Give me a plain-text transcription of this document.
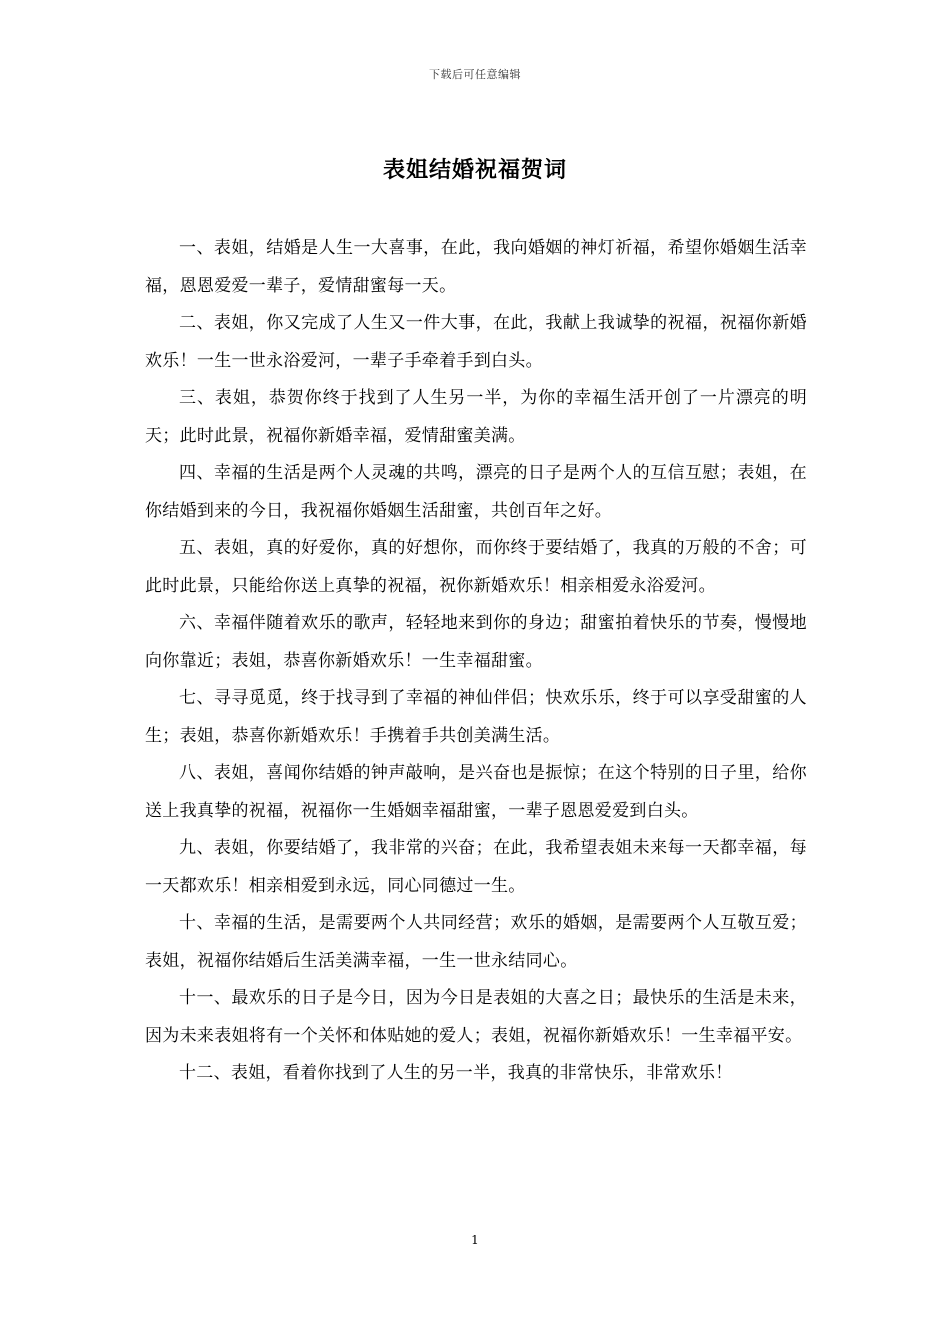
下载后可任意编辑
表姐结婚祝福贺词

一、表姐，结婚是人生一大喜事，在此，我向婚姻的神灯祈福，希望你婚姻生活幸福，恩恩爱爱一辈子，爱情甜蜜每一天。

二、表姐，你又完成了人生又一件大事，在此，我献上我诚挚的祝福，祝福你新婚欢乐！一生一世永浴爱河，一辈子手牵着手到白头。

三、表姐，恭贺你终于找到了人生另一半，为你的幸福生活开创了一片漂亮的明天；此时此景，祝福你新婚幸福，爱情甜蜜美满。

四、幸福的生活是两个人灵魂的共鸣，漂亮的日子是两个人的互信互慰；表姐，在你结婚到来的今日，我祝福你婚姻生活甜蜜，共创百年之好。

五、表姐，真的好爱你，真的好想你，而你终于要结婚了，我真的万般的不舍；可此时此景，只能给你送上真挚的祝福，祝你新婚欢乐！相亲相爱永浴爱河。

六、幸福伴随着欢乐的歌声，轻轻地来到你的身边；甜蜜拍着快乐的节奏，慢慢地向你靠近；表姐，恭喜你新婚欢乐！一生幸福甜蜜。

七、寻寻觅觅，终于找寻到了幸福的神仙伴侣；快欢乐乐，终于可以享受甜蜜的人生；表姐，恭喜你新婚欢乐！手携着手共创美满生活。

八、表姐，喜闻你结婚的钟声敲响，是兴奋也是振惊；在这个特别的日子里，给你送上我真挚的祝福，祝福你一生婚姻幸福甜蜜，一辈子恩恩爱爱到白头。

九、表姐，你要结婚了，我非常的兴奋；在此，我希望表姐未来每一天都幸福，每一天都欢乐！相亲相爱到永远，同心同德过一生。

十、幸福的生活，是需要两个人共同经营；欢乐的婚姻，是需要两个人互敬互爱；表姐，祝福你结婚后生活美满幸福，一生一世永结同心。

十一、最欢乐的日子是今日，因为今日是表姐的大喜之日；最快乐的生活是未来，因为未来表姐将有一个关怀和体贴她的爱人；表姐，祝福你新婚欢乐！一生幸福平安。

十二、表姐，看着你找到了人生的另一半，我真的非常快乐，非常欢乐！

1
